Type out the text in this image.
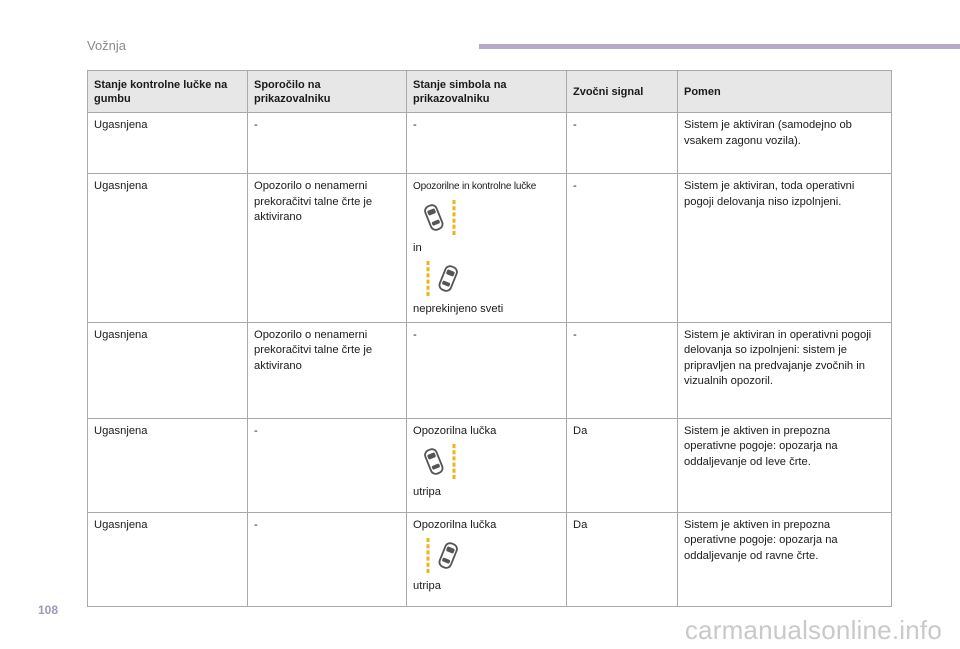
Vožnja
Stanje kontrolne lučke na gumbu	Sporočilo na prikazovalniku	Stanje simbola na prikazovalniku	Zvočni signal	Pomen
Ugasnjena	-	-	-	Sistem je aktiviran (samodejno ob vsakem zagonu vozila).
Ugasnjena	Opozorilo o nenamerni prekoračitvi talne črte je aktivirano	Opozorilne in kontrolne lučke
in
neprekinjeno sveti	-	Sistem je aktiviran, toda operativni pogoji delovanja niso izpolnjeni.
Ugasnjena	Opozorilo o nenamerni prekoračitvi talne črte je aktivirano	-	-	Sistem je aktiviran in operativni pogoji delovanja so izpolnjeni: sistem je pripravljen na predvajanje zvočnih in vizualnih opozoril.
Ugasnjena	-	Opozorilna lučka
utripa	Da	Sistem je aktiven in prepozna operativne pogoje: opozarja na oddaljevanje od leve črte.
Ugasnjena	-	Opozorilna lučka
utripa	Da	Sistem je aktiven in prepozna operativne pogoje: opozarja na oddaljevanje od ravne črte.
108
carmanualsonline.info
